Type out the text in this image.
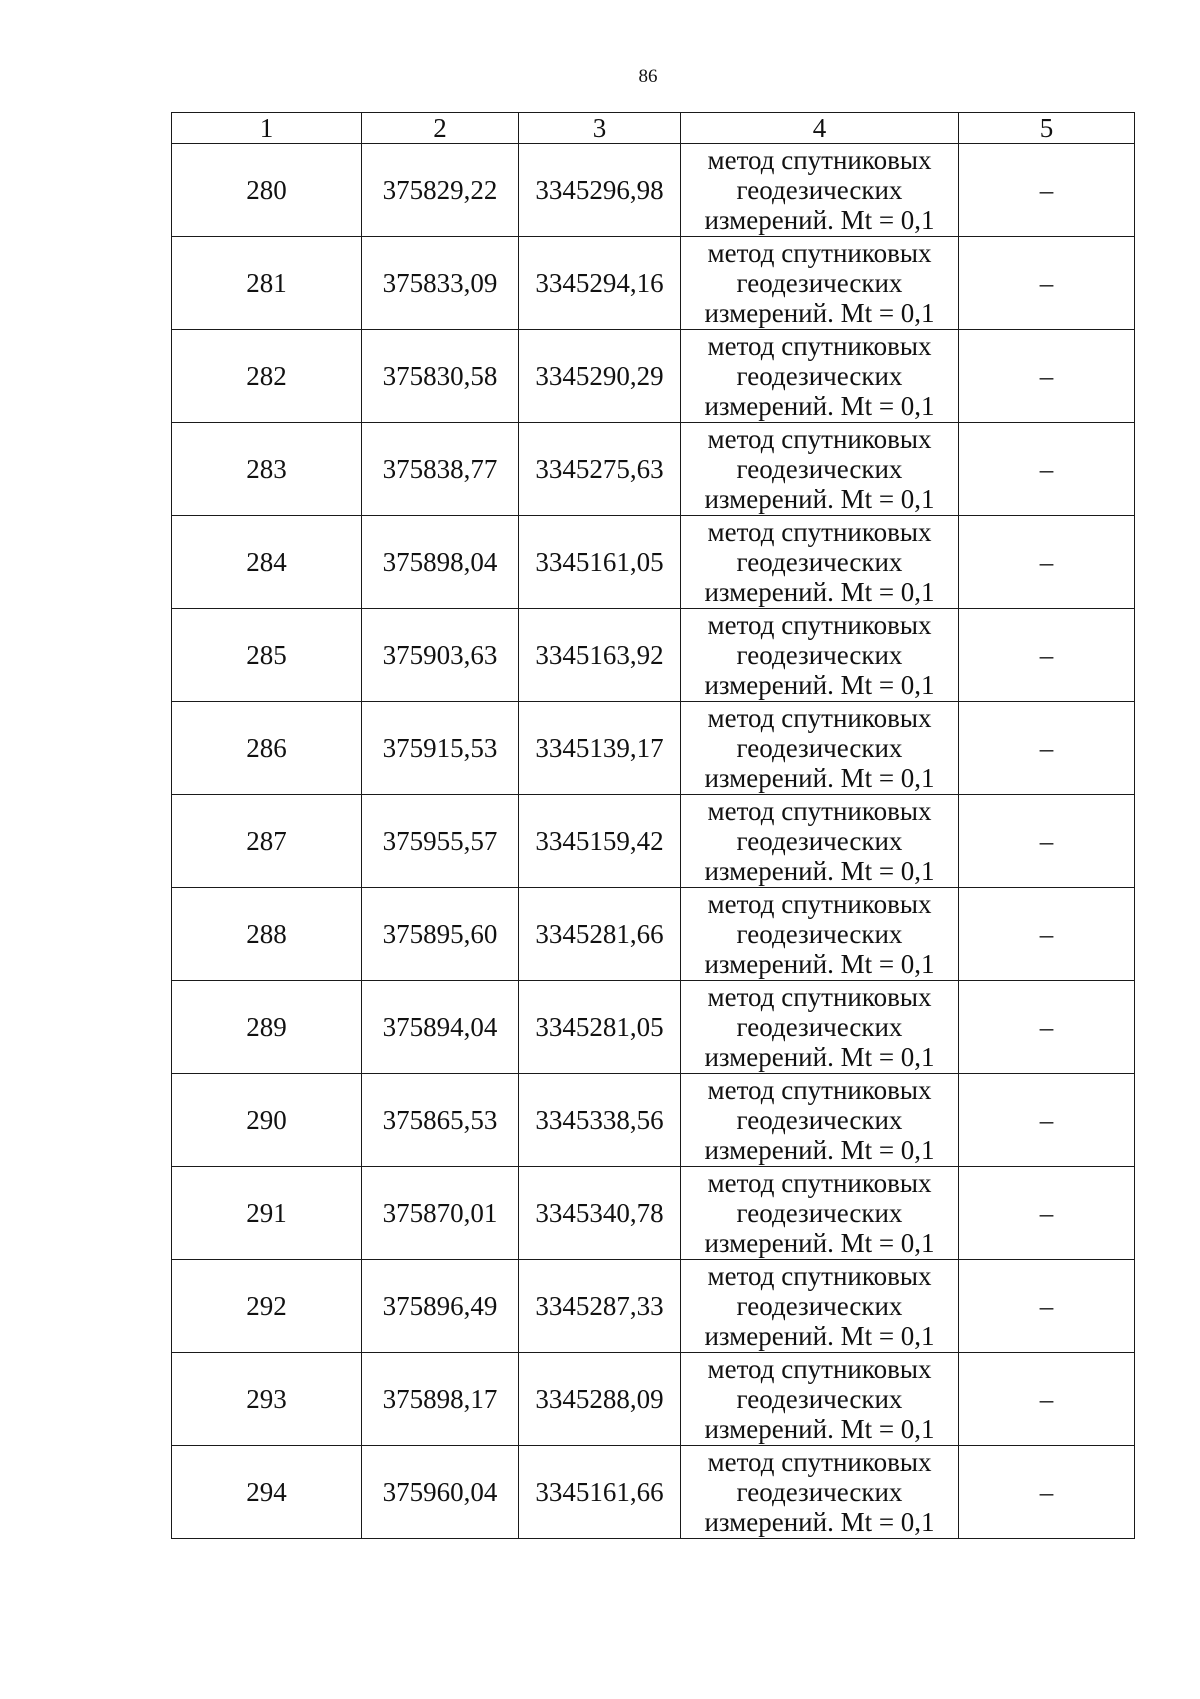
86
1	2	3	4	5
280	375829,22	3345296,98	метод спутниковых
геодезических
измерений. Mt = 0,1	–
281	375833,09	3345294,16	метод спутниковых
геодезических
измерений. Mt = 0,1	–
282	375830,58	3345290,29	метод спутниковых
геодезических
измерений. Mt = 0,1	–
283	375838,77	3345275,63	метод спутниковых
геодезических
измерений. Mt = 0,1	–
284	375898,04	3345161,05	метод спутниковых
геодезических
измерений. Mt = 0,1	–
285	375903,63	3345163,92	метод спутниковых
геодезических
измерений. Mt = 0,1	–
286	375915,53	3345139,17	метод спутниковых
геодезических
измерений. Mt = 0,1	–
287	375955,57	3345159,42	метод спутниковых
геодезических
измерений. Mt = 0,1	–
288	375895,60	3345281,66	метод спутниковых
геодезических
измерений. Mt = 0,1	–
289	375894,04	3345281,05	метод спутниковых
геодезических
измерений. Mt = 0,1	–
290	375865,53	3345338,56	метод спутниковых
геодезических
измерений. Mt = 0,1	–
291	375870,01	3345340,78	метод спутниковых
геодезических
измерений. Mt = 0,1	–
292	375896,49	3345287,33	метод спутниковых
геодезических
измерений. Mt = 0,1	–
293	375898,17	3345288,09	метод спутниковых
геодезических
измерений. Mt = 0,1	–
294	375960,04	3345161,66	метод спутниковых
геодезических
измерений. Mt = 0,1	–
